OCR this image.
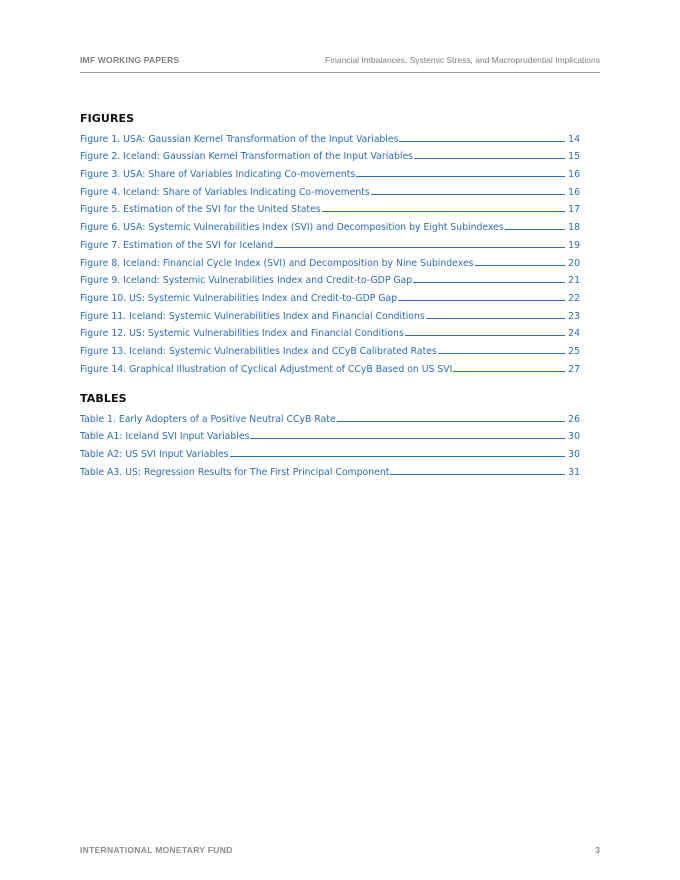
IMF WORKING PAPERS	Financial Imbalances, Systemic Stress, and Macroprudential Implications
FIGURES
Figure 1. USA: Gaussian Kernel Transformation of the Input Variables	14
Figure 2. Iceland: Gaussian Kernel Transformation of the Input Variables	15
Figure 3. USA: Share of Variables Indicating Co-movements	16
Figure 4. Iceland: Share of Variables Indicating Co-movements	16
Figure 5. Estimation of the SVI for the United States	17
Figure 6. USA: Systemic Vulnerabilities Index (SVI) and Decomposition by Eight Subindexes	18
Figure 7. Estimation of the SVI for Iceland	19
Figure 8. Iceland: Financial Cycle Index (SVI) and Decomposition by Nine Subindexes	20
Figure 9. Iceland: Systemic Vulnerabilities Index and Credit-to-GDP Gap	21
Figure 10. US: Systemic Vulnerabilities Index and Credit-to-GDP Gap	22
Figure 11. Iceland: Systemic Vulnerabilities Index and Financial Conditions	23
Figure 12. US: Systemic Vulnerabilities Index and Financial Conditions	24
Figure 13. Iceland: Systemic Vulnerabilities Index and CCyB Calibrated Rates	25
Figure 14. Graphical Illustration of Cyclical Adjustment of CCyB Based on US SVI	27
TABLES
Table 1. Early Adopters of a Positive Neutral CCyB Rate	26
Table A1: Iceland SVI Input Variables	30
Table A2: US SVI Input Variables	30
Table A3. US: Regression Results for The First Principal Component	31
INTERNATIONAL MONETARY FUND	3
